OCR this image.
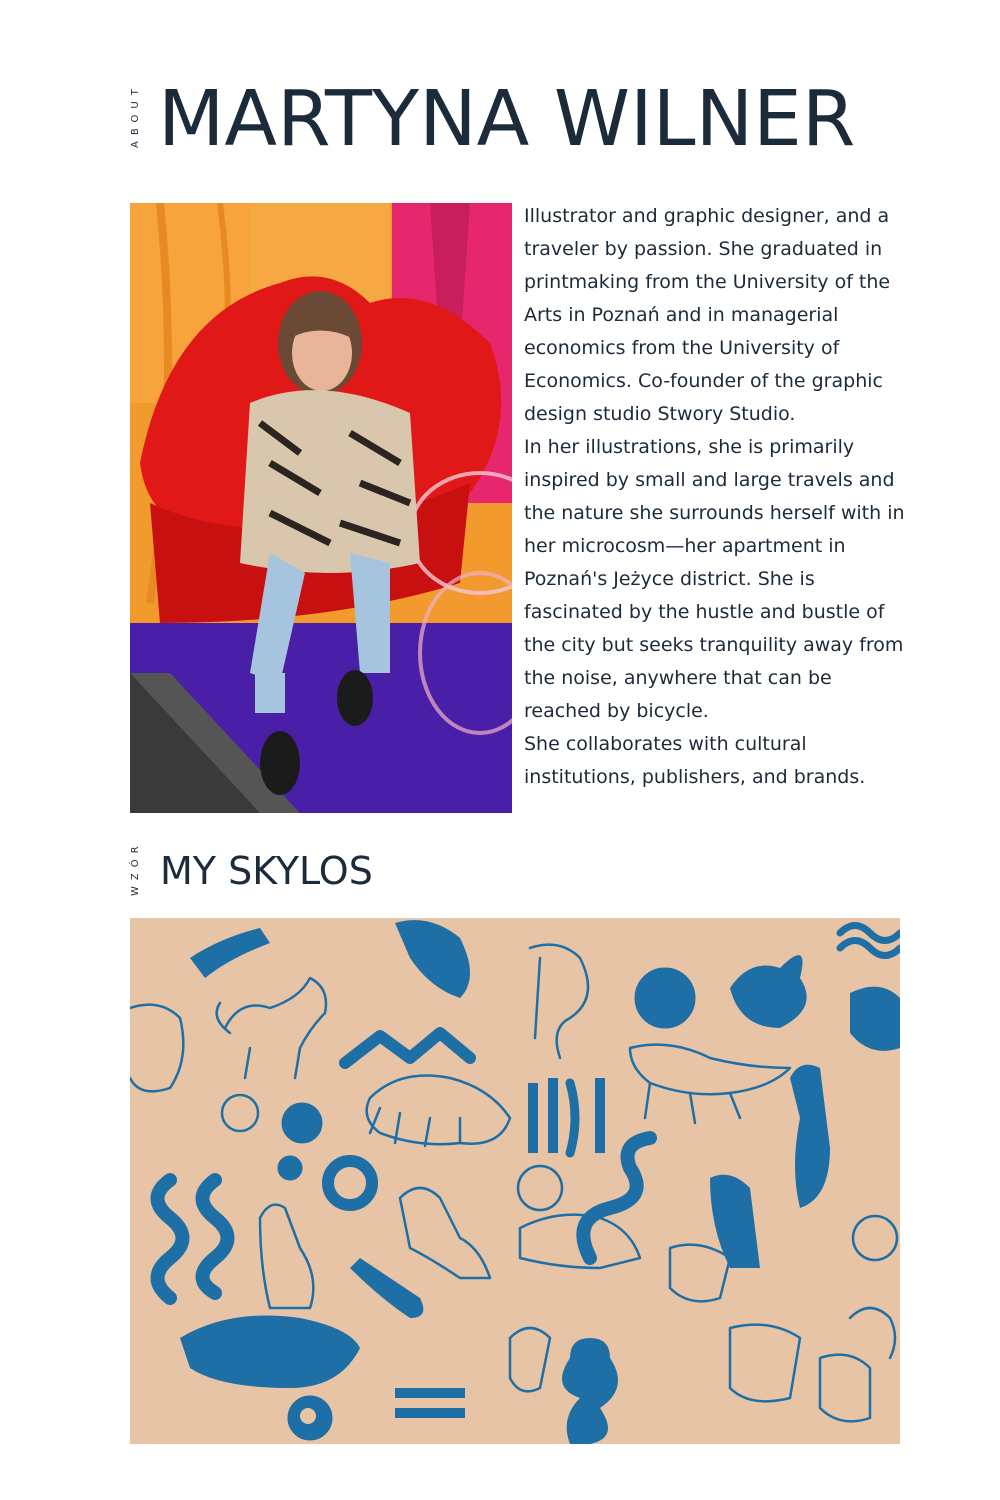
ABOUT MARTYNA WILNER

Illustrator and graphic designer, and a traveler by passion. She graduated in printmaking from the University of the Arts in Poznań and in managerial economics from the University of Economics. Co-founder of the graphic design studio Stwory Studio.

In her illustrations, she is primarily inspired by small and large travels and the nature she surrounds herself with in her microcosm—her apartment in Poznań's Jeżyce district. She is fascinated by the hustle and bustle of the city but seeks tranquility away from the noise, anywhere that can be reached by bicycle.

She collaborates with cultural institutions, publishers, and brands.

WZÓR MY SKYLOS
